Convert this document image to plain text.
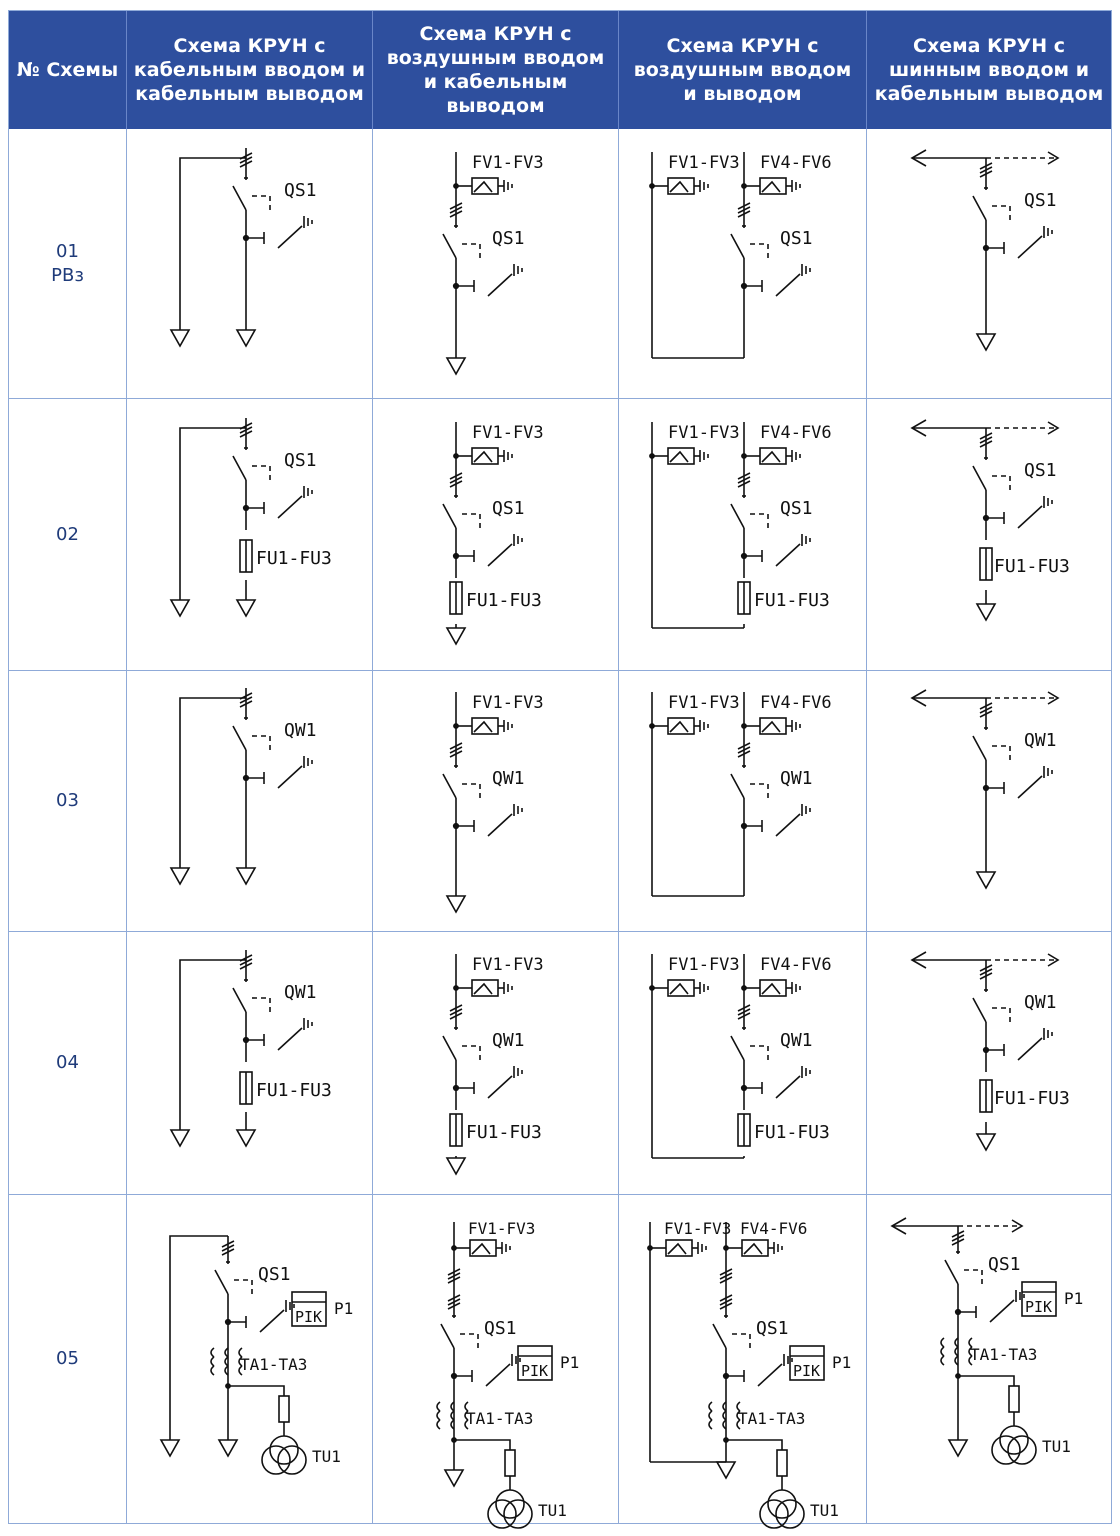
№ Схемы
Схема КРУН с кабельным вводом и кабельным выводом
Схема КРУН с воздушным вводом и кабельным выводом
Схема КРУН с воздушным вводом и выводом
Схема КРУН с шинным вводом и кабельным выводом
01
РВз
02
03
04
05
QS1
FV1-FV3
QS1
FV1-FV3 FV4-FV6
QS1
QS1
QS1
FU1-FU3
FV1-FV3
QS1
FU1-FU3
FV1-FV3 FV4-FV6
QS1
FU1-FU3
QS1
FU1-FU3
QW1
FV1-FV3
QW1
FV1-FV3 FV4-FV6
QW1
QW1
QW1
FU1-FU3
FV1-FV3
QW1
FU1-FU3
FV1-FV3 FV4-FV6
QW1
FU1-FU3
QW1
FU1-FU3
QS1
PIK P1
TA1-TA3
TU1
FV1-FV3
QS1
PIK P1
TA1-TA3
TU1
FV1-FV3 FV4-FV6
QS1
PIK P1
TA1-TA3
TU1
QS1
PIK P1
TA1-TA3
TU1
